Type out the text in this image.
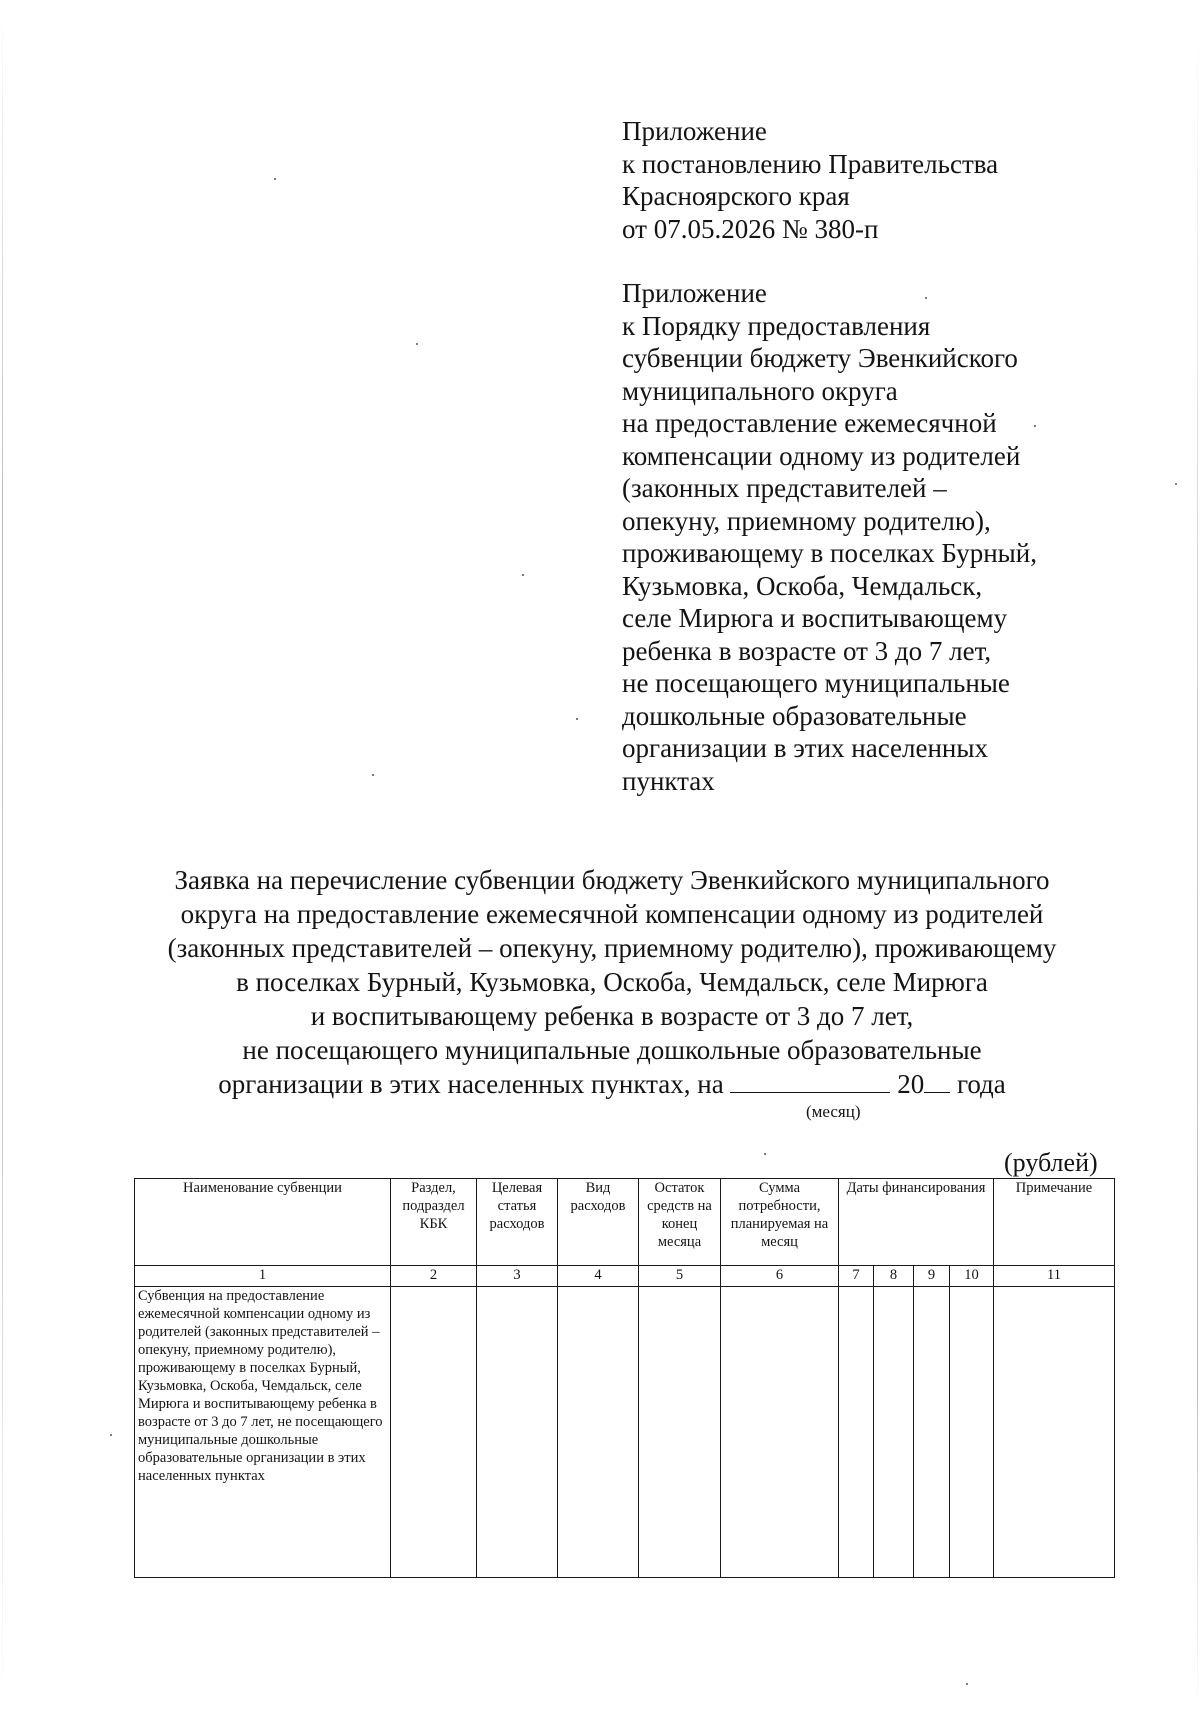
Приложение
к постановлению Правительства
Красноярского края
от 07.05.2026 № 380-п
Приложение
к Порядку предоставления
субвенции бюджету Эвенкийского
муниципального округа
на предоставление ежемесячной
компенсации одному из родителей
(законных представителей –
опекуну, приемному родителю),
проживающему в поселках Бурный,
Кузьмовка, Оскоба, Чемдальск,
селе Мирюга и воспитывающему
ребенка в возрасте от 3 до 7 лет,
не посещающего муниципальные
дошкольные образовательные
организации в этих населенных
пунктах
Заявка на перечисление субвенции бюджету Эвенкийского муниципального
округа на предоставление ежемесячной компенсации одному из родителей
(законных представителей – опекуну, приемному родителю), проживающему
в поселках Бурный, Кузьмовка, Оскоба, Чемдальск, селе Мирюга
и воспитывающему ребенка в возрасте от 3 до 7 лет,
не посещающего муниципальные дошкольные образовательные
организации в этих населенных пунктах, на	20 года
(месяц)
(рублей)
Наименование субвенции	Раздел, подраздел КБК	Целевая статья расходов	Вид расходов	Остаток средств на конец месяца	Сумма потребности, планируемая на месяц	Даты финансирования				Примечание
1	2	3	4	5	6	7	8	9	10	11
Субвенция на предоставление ежемесячной компенсации одному из родителей (законных представителей – опекуну, приемному родителю), проживающему в поселках Бурный, Кузьмовка, Оскоба, Чемдальск, селе Мирюга и воспитывающему ребенка в возрасте от 3 до 7 лет, не посещающего муниципальные дошкольные образовательные организации в этих населенных пунктах										
